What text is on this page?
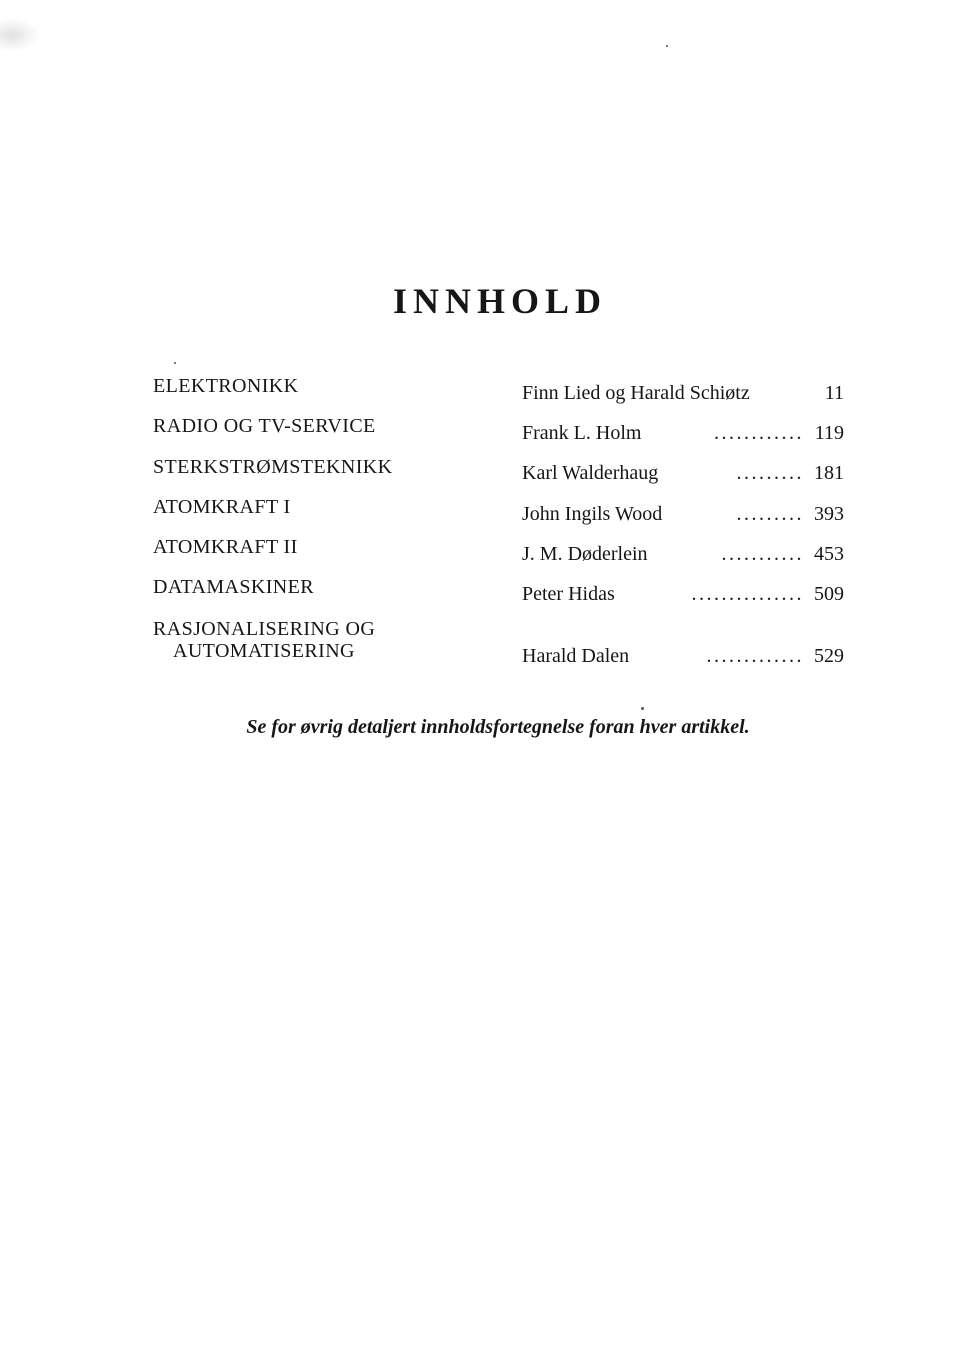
INNHOLD
ELEKTRONIKK	Finn Lied og Harald Schiøtz	11
RADIO OG TV-SERVICE	Frank L. Holm	............ 119
STERKSTRØMSTEKNIKK	Karl Walderhaug	......... 181
ATOMKRAFT I	John Ingils Wood	......... 393
ATOMKRAFT II	J. M. Døderlein	........... 453
DATAMASKINER	Peter Hidas	............... 509
RASJONALISERING OG
AUTOMATISERING	Harald Dalen	............. 529

Se for øvrig detaljert innholdsfortegnelse foran hver artikkel.
